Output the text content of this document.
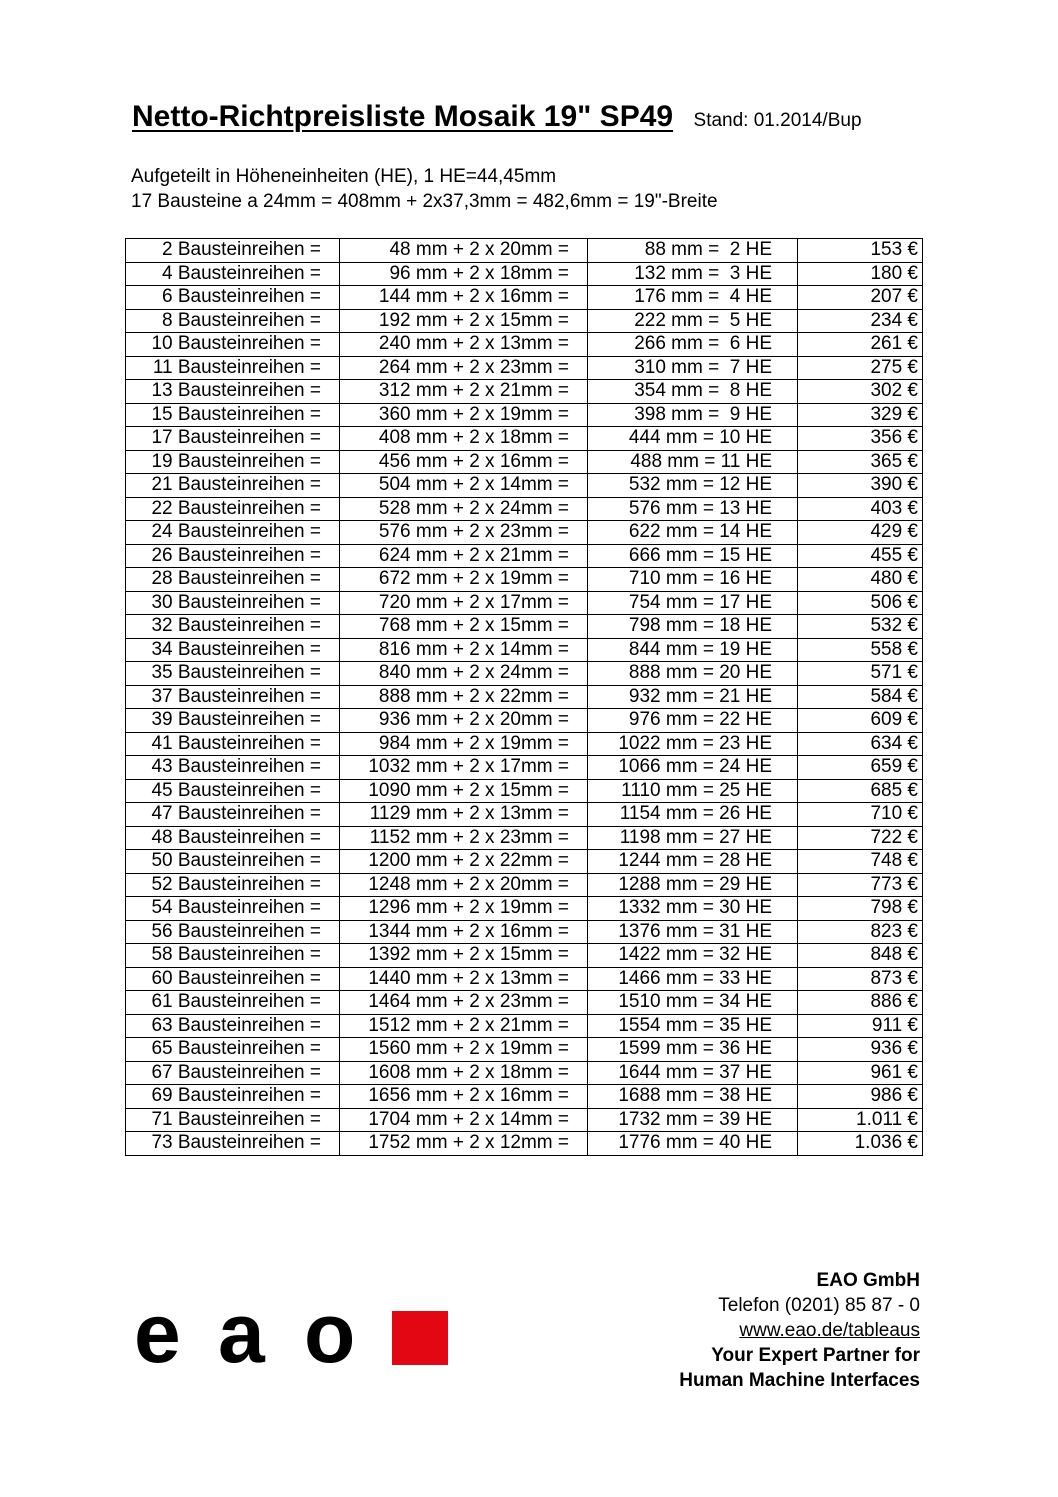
Netto-Richtpreisliste Mosaik 19" SP49 Stand: 01.2014/Bup
Aufgeteilt in Höheneinheiten (HE), 1 HE=44,45mm
17 Bausteine a 24mm = 408mm + 2x37,3mm = 482,6mm = 19"-Breite
2 Bausteinreihen =	48 mm + 2 x 20mm =	88 mm =  2 HE	153 €
4 Bausteinreihen =	96 mm + 2 x 18mm =	132 mm =  3 HE	180 €
6 Bausteinreihen =	144 mm + 2 x 16mm =	176 mm =  4 HE	207 €
8 Bausteinreihen =	192 mm + 2 x 15mm =	222 mm =  5 HE	234 €
10 Bausteinreihen =	240 mm + 2 x 13mm =	266 mm =  6 HE	261 €
11 Bausteinreihen =	264 mm + 2 x 23mm =	310 mm =  7 HE	275 €
13 Bausteinreihen =	312 mm + 2 x 21mm =	354 mm =  8 HE	302 €
15 Bausteinreihen =	360 mm + 2 x 19mm =	398 mm =  9 HE	329 €
17 Bausteinreihen =	408 mm + 2 x 18mm =	444 mm = 10 HE	356 €
19 Bausteinreihen =	456 mm + 2 x 16mm =	488 mm = 11 HE	365 €
21 Bausteinreihen =	504 mm + 2 x 14mm =	532 mm = 12 HE	390 €
22 Bausteinreihen =	528 mm + 2 x 24mm =	576 mm = 13 HE	403 €
24 Bausteinreihen =	576 mm + 2 x 23mm =	622 mm = 14 HE	429 €
26 Bausteinreihen =	624 mm + 2 x 21mm =	666 mm = 15 HE	455 €
28 Bausteinreihen =	672 mm + 2 x 19mm =	710 mm = 16 HE	480 €
30 Bausteinreihen =	720 mm + 2 x 17mm =	754 mm = 17 HE	506 €
32 Bausteinreihen =	768 mm + 2 x 15mm =	798 mm = 18 HE	532 €
34 Bausteinreihen =	816 mm + 2 x 14mm =	844 mm = 19 HE	558 €
35 Bausteinreihen =	840 mm + 2 x 24mm =	888 mm = 20 HE	571 €
37 Bausteinreihen =	888 mm + 2 x 22mm =	932 mm = 21 HE	584 €
39 Bausteinreihen =	936 mm + 2 x 20mm =	976 mm = 22 HE	609 €
41 Bausteinreihen =	984 mm + 2 x 19mm =	1022 mm = 23 HE	634 €
43 Bausteinreihen =	1032 mm + 2 x 17mm =	1066 mm = 24 HE	659 €
45 Bausteinreihen =	1090 mm + 2 x 15mm =	1110 mm = 25 HE	685 €
47 Bausteinreihen =	1129 mm + 2 x 13mm =	1154 mm = 26 HE	710 €
48 Bausteinreihen =	1152 mm + 2 x 23mm =	1198 mm = 27 HE	722 €
50 Bausteinreihen =	1200 mm + 2 x 22mm =	1244 mm = 28 HE	748 €
52 Bausteinreihen =	1248 mm + 2 x 20mm =	1288 mm = 29 HE	773 €
54 Bausteinreihen =	1296 mm + 2 x 19mm =	1332 mm = 30 HE	798 €
56 Bausteinreihen =	1344 mm + 2 x 16mm =	1376 mm = 31 HE	823 €
58 Bausteinreihen =	1392 mm + 2 x 15mm =	1422 mm = 32 HE	848 €
60 Bausteinreihen =	1440 mm + 2 x 13mm =	1466 mm = 33 HE	873 €
61 Bausteinreihen =	1464 mm + 2 x 23mm =	1510 mm = 34 HE	886 €
63 Bausteinreihen =	1512 mm + 2 x 21mm =	1554 mm = 35 HE	911 €
65 Bausteinreihen =	1560 mm + 2 x 19mm =	1599 mm = 36 HE	936 €
67 Bausteinreihen =	1608 mm + 2 x 18mm =	1644 mm = 37 HE	961 €
69 Bausteinreihen =	1656 mm + 2 x 16mm =	1688 mm = 38 HE	986 €
71 Bausteinreihen =	1704 mm + 2 x 14mm =	1732 mm = 39 HE	1.011 €
73 Bausteinreihen =	1752 mm + 2 x 12mm =	1776 mm = 40 HE	1.036 €
e a o
EAO GmbH
Telefon (0201) 85 87 - 0
www.eao.de/tableaus
Your Expert Partner for
Human Machine Interfaces
